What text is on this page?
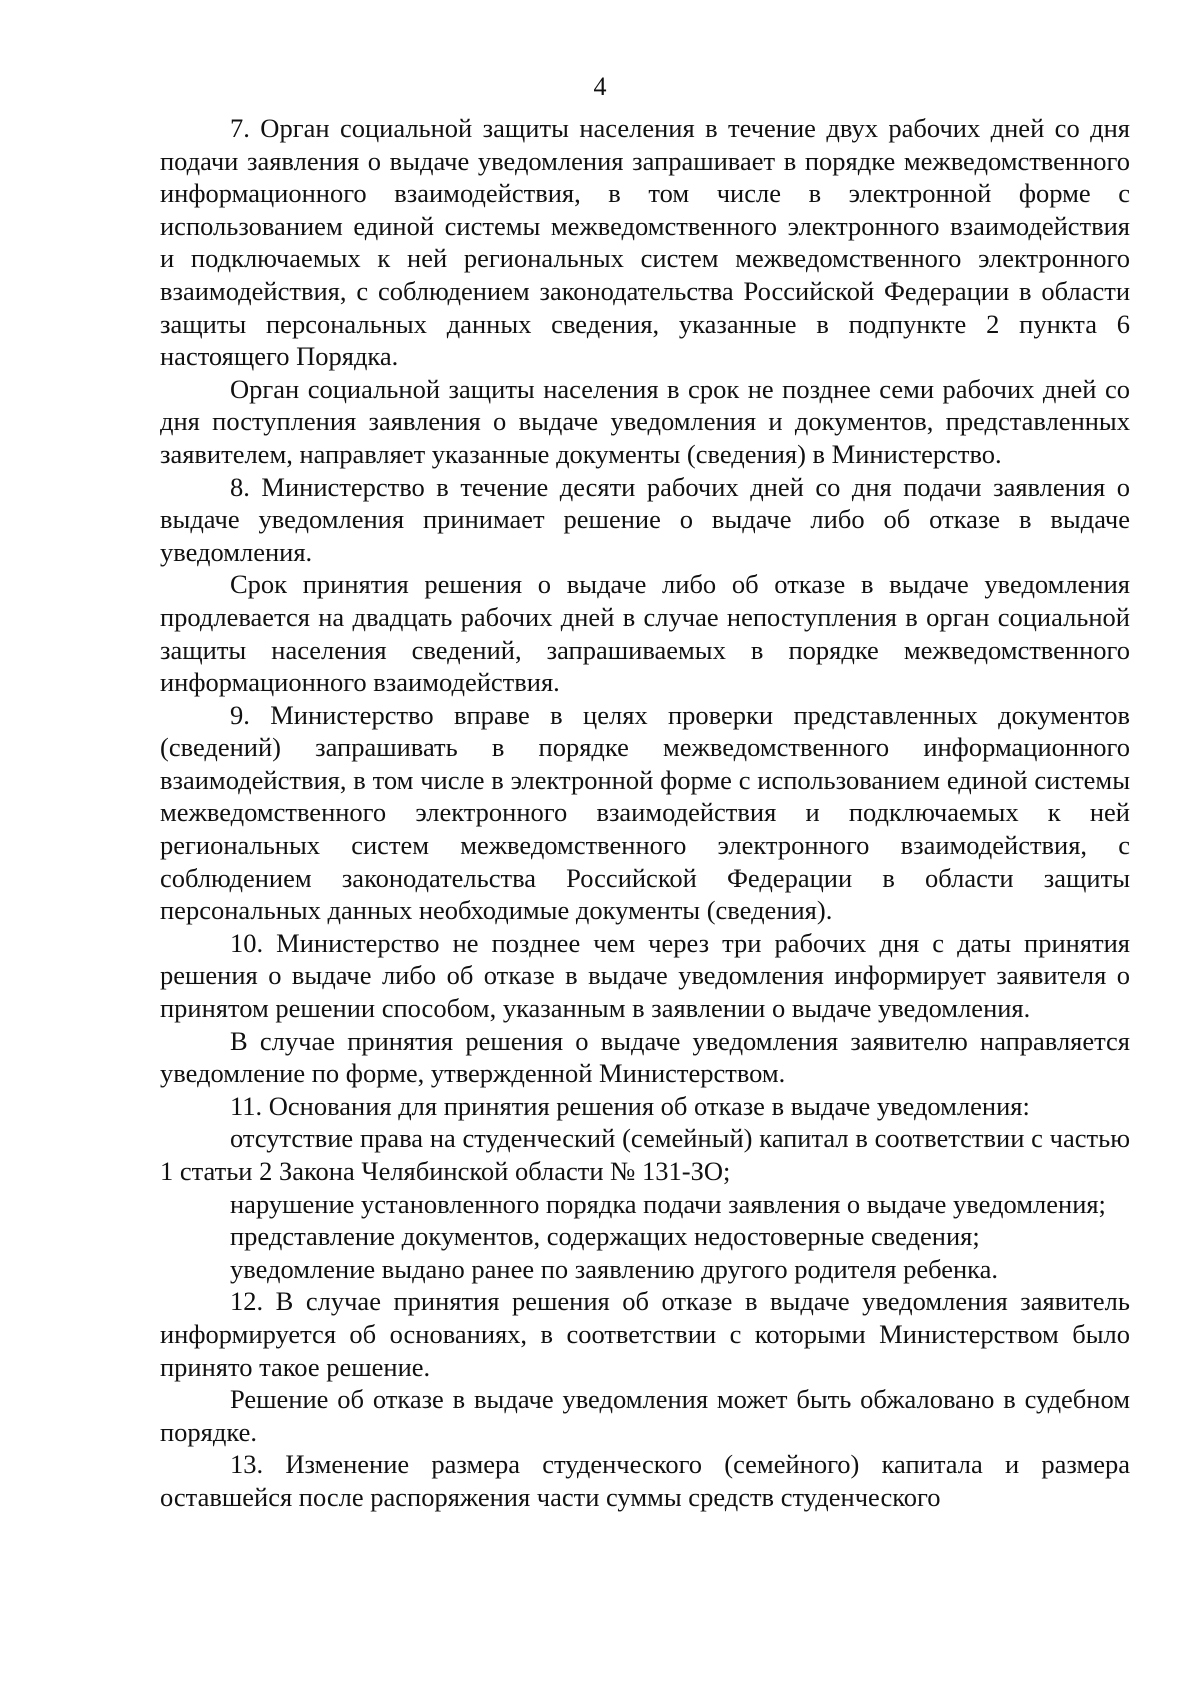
4

7. Орган социальной защиты населения в течение двух рабочих дней со дня подачи заявления о выдаче уведомления запрашивает в порядке межведомственного информационного взаимодействия, в том числе в электронной форме с использованием единой системы межведомственного электронного взаимодействия и подключаемых к ней региональных систем межведомственного электронного взаимодействия, с соблюдением законодательства Российской Федерации в области защиты персональных данных сведения, указанные в подпункте 2 пункта 6 настоящего Порядка.

Орган социальной защиты населения в срок не позднее семи рабочих дней со дня поступления заявления о выдаче уведомления и документов, представленных заявителем, направляет указанные документы (сведения) в Министерство.

8. Министерство в течение десяти рабочих дней со дня подачи заявления о выдаче уведомления принимает решение о выдаче либо об отказе в выдаче уведомления.

Срок принятия решения о выдаче либо об отказе в выдаче уведомления продлевается на двадцать рабочих дней в случае непоступления в орган социальной защиты населения сведений, запрашиваемых в порядке межведомственного информационного взаимодействия.

9. Министерство вправе в целях проверки представленных документов (сведений) запрашивать в порядке межведомственного информационного взаимодействия, в том числе в электронной форме с использованием единой системы межведомственного электронного взаимодействия и подключаемых к ней региональных систем межведомственного электронного взаимодействия, с соблюдением законодательства Российской Федерации в области защиты персональных данных необходимые документы (сведения).

10. Министерство не позднее чем через три рабочих дня с даты принятия решения о выдаче либо об отказе в выдаче уведомления информирует заявителя о принятом решении способом, указанным в заявлении о выдаче уведомления.

В случае принятия решения о выдаче уведомления заявителю направляется уведомление по форме, утвержденной Министерством.

11. Основания для принятия решения об отказе в выдаче уведомления:

отсутствие права на студенческий (семейный) капитал в соответствии с частью 1 статьи 2 Закона Челябинской области № 131-ЗО;

нарушение установленного порядка подачи заявления о выдаче уведомления;

представление документов, содержащих недостоверные сведения;

уведомление выдано ранее по заявлению другого родителя ребенка.

12. В случае принятия решения об отказе в выдаче уведомления заявитель информируется об основаниях, в соответствии с которыми Министерством было принято такое решение.

Решение об отказе в выдаче уведомления может быть обжаловано в судебном порядке.

13. Изменение размера студенческого (семейного) капитала и размера оставшейся после распоряжения части суммы средств студенческого
